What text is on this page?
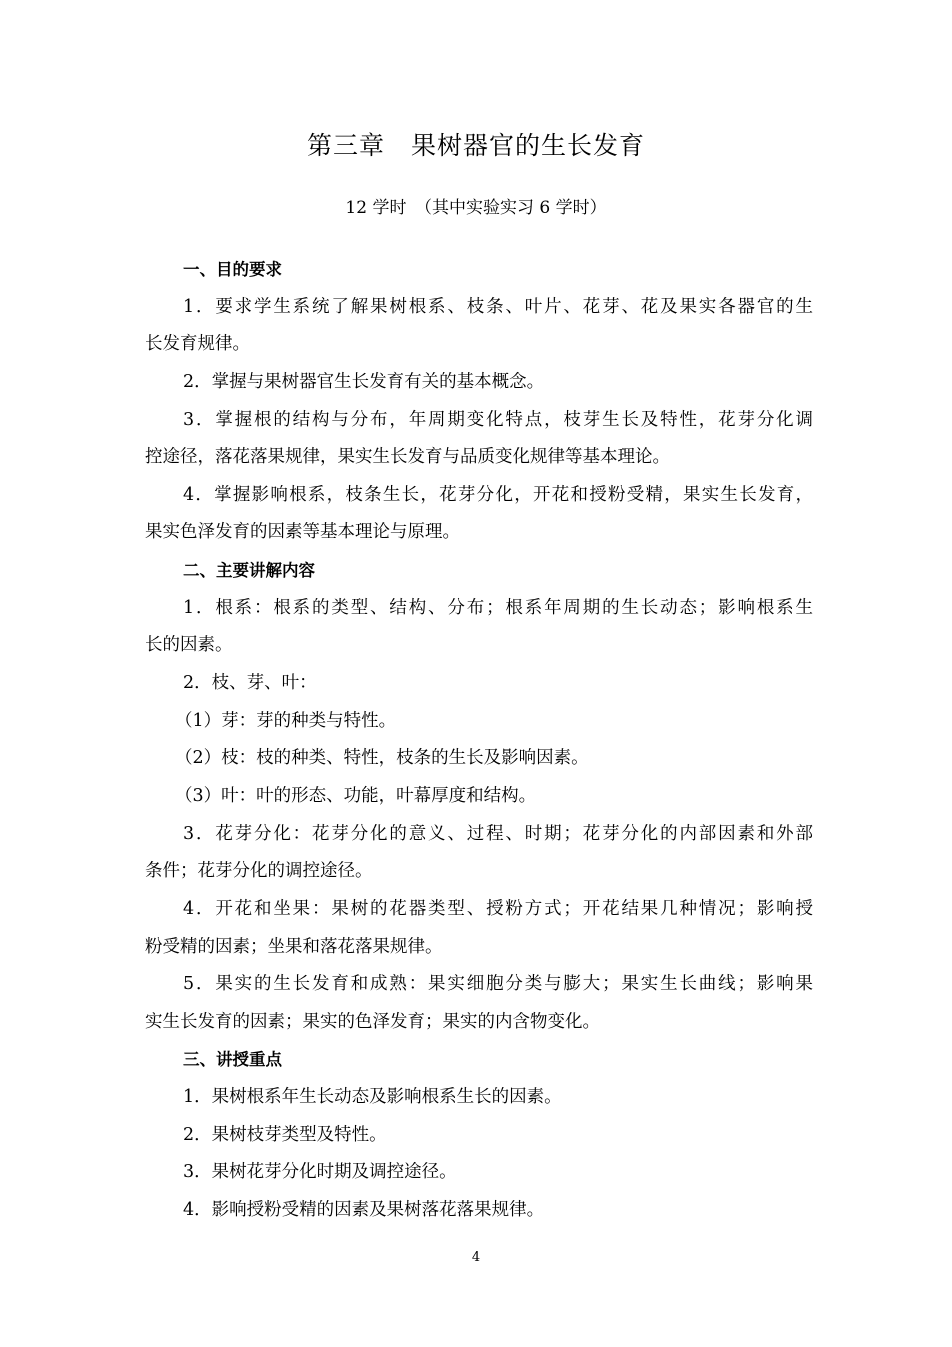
第三章　果树器官的生长发育
12 学时　（其中实验实习 6 学时）
一、目的要求
1．要求学生系统了解果树根系、枝条、叶片、花芽、花及果实各器官的生
长发育规律。
2．掌握与果树器官生长发育有关的基本概念。
3．掌握根的结构与分布，年周期变化特点，枝芽生长及特性，花芽分化调
控途径，落花落果规律，果实生长发育与品质变化规律等基本理论。
4．掌握影响根系，枝条生长，花芽分化，开花和授粉受精，果实生长发育，
果实色泽发育的因素等基本理论与原理。
二、主要讲解内容
1．根系：根系的类型、结构、分布；根系年周期的生长动态；影响根系生
长的因素。
2．枝、芽、叶：
（1）芽：芽的种类与特性。
（2）枝：枝的种类、特性，枝条的生长及影响因素。
（3）叶：叶的形态、功能，叶幕厚度和结构。
3．花芽分化：花芽分化的意义、过程、时期；花芽分化的内部因素和外部
条件；花芽分化的调控途径。
4．开花和坐果：果树的花器类型、授粉方式；开花结果几种情况；影响授
粉受精的因素；坐果和落花落果规律。
5．果实的生长发育和成熟：果实细胞分类与膨大；果实生长曲线；影响果
实生长发育的因素；果实的色泽发育；果实的内含物变化。
三、讲授重点
1．果树根系年生长动态及影响根系生长的因素。
2．果树枝芽类型及特性。
3．果树花芽分化时期及调控途径。
4．影响授粉受精的因素及果树落花落果规律。
4
